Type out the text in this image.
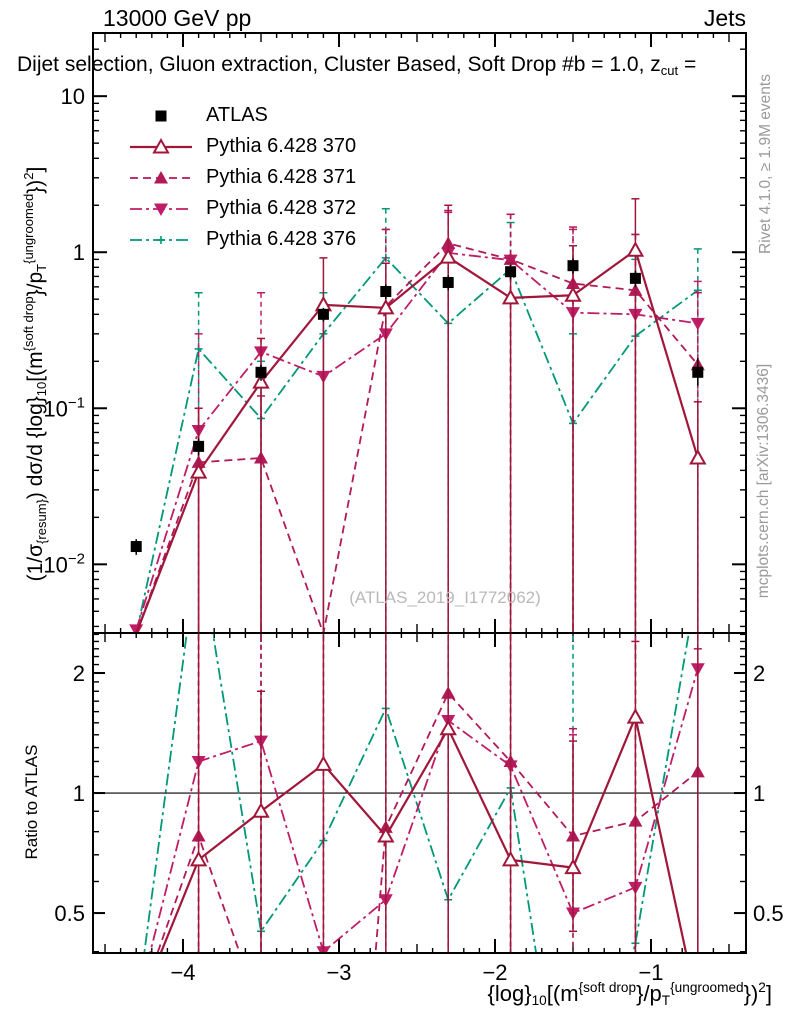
10
1
$10^{-1}$
$10^{-2}$
−4	−3	−2	−1
2	2
1	1
0.5	0.5
13000 GeV pp	Jets
Dijet selection, Gluon extraction, Cluster Based, Soft Drop #b = 1.0, $z_{cut}$ =
ATLAS
Pythia 6.428 370
Pythia 6.428 371
Pythia 6.428 372
Pythia 6.428 376
(ATLAS_2019_I1772062)
Rivet 4.1.0, ≥ 1.9M events
mcplots.cern.ch [arXiv:1306.3436]
$(1/\sigma_{\{resum\}})$ dσ/d $\{\log\}_{10}[(m^{\{soft drop}\}/p_T^{\{ungroomed}\})^2$]
Ratio to ATLAS
$\{\log\}_{10}[(m^{\{soft drop}\}/p_T^{\{ungroomed}\})^2$]
